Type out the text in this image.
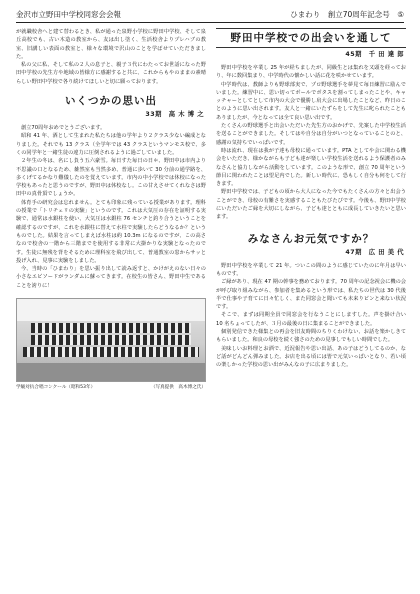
金沢市立野田中学校同窓会会報	ひまわり　創立70周年記念号　⑤

が就職校舎へと建て替わるとき、私が通った泉野小学校に野田中学校、そして泉丘高校でも、古い木造の教室から、友は出し塗く、生活校舎よりプレハブの教室、旧講しい表面の教室と、様々な環境で沢山のことを学ばせていただきました。

私の父に私、そして私の２人の息子と、親子３代にわたってお世話になった野田中学校の先生方や地域の皆様方に感謝すると共に、これからもやのままの素晴らしい野田中学校で各り続けてほしいと切に願っております。

いくつかの思い出
33期　高 木 博 之

創立70周年おめでとうございます。

昭和 41 年、酒として生まれた私たちは他の学年より２クラス少ない編成となりました。それでも 13 クラス（全学年では 43 クラスというマンモス校で、多くの同学年と一緒生徒の違力に圧倒されるように過ごしていました。

２年生の冬は、名にし負う五六豪雪。毎日すた毎日の日＊、野田中は市内より不思議の口となるため、雑然室も当然多め、普通に歩いて 30 分前の通学路を、多くげてるかなり難儀したのを覚えています。市内の中小学校では休校になった学校もあったと思うのですが、野田中は休校なし。この甘えさせてくれなさは野田中の真骨頂でしょうか。

体育手の研究会は忘れません。とても印象に残っている授業があります。理科の授業で「トリチェリの実験」というのです。これは大気圧の存在を証明する実験で、通常は水銀柱を使い、大気圧は水銀柱 76 センチと釣り合うということを確認するのですが、これを水銀柱に替えて水柱で実験したらどうなるか？というものでした。結果を言ってしまえば水柱は約 10.3m になるのですが、この高さなので校舎の一階から三階までを使用する非常に大掛かりな実験となったのです。生徒に無残を背をそるために理科室を飛び出して、普通教室の窓からサッと投げ入れ、見事に実験をしました。

今、当時の「ひまわり」を思い振り出して読み返すと、かけがえのない日々の小さなエピソードがランダムに蘇ってきます。在校生の皆さん、野田中生であることを誇りに！

学級対抗合唱コンクール（昭和53年）	（写真提供　高木博之氏）
野田中学校での出会いを通して
45期　千 田 達 郎

野田中学校を卒業し 25 年が経ちましたが、同級生とは集れを又頭を経っており、年に数回集まり、中学時代の懐かしい話に花を咲かせています。

中学時代は、教師よりも野球部実で、プロ野球選手を夢見て毎日練習に励んでいました。練習中に、思い切ってボールでボタスを割ってしまったことや、キャッチャーとしてとして市内の大会で優勝し肩大会に出場したことなど、昨日のことのように思い出されます。友人と一緒にいたずらをして先生に叱られたこともありましたが、今となっては全て良い思い出です。

たくさんの野球選手と出会いただいた先生方のおかげで、先案した中学校生活を送ることができました。そしてはや自分は自分がいつとなっていることのと、感謝の気持ちでいっぱいです。

時は流れ、現在は我が子達も母校に通っています。PTA としてや会に関わる機会をいただき、様かながらも子ども達が楽しい学校生活を送れるよう保護者のみなさんと協力しながら活動をしています。このような形で、創立 70 周年という節目に関われたことは望足内でした。新しい時代に、恐もしく自分も何をして行きます。

野田中学校では、子どもの頃から大人になった今でもたくさんの方々と出会うことができ、母校の有難さを実感することもたびたびです。今後も、野田中学校にいただいたご縁を大切にしながら、子ども達とともに成長していきたいと思います。

みなさんお元気ですか？
47期　広 田 美 代

野田中学校を卒業して 21 年。ついこの間のように感じていたのに年月は早いものです。

ご縁があり、現在 47 期の幹事を務めております。70 周年の記念祝会に機の会が呼び取り組みながら、参加者を集めるという形では、私たちの世代は 30 代後半で仕事や子育てに日々忙しく、また同窓会と聞いても未来りピンと来ない状況です。

そこで、まずは同期全員で同窓会を行なうことにしますした。声を掛け合い 10 名ちょってしたが、３月の最後の日に集まることができました。

個別発信できた様集との再会を旧友時間のちりくわけない、お話を楽かしきてもらいました。和良の母校を続く強さのための見事しでもしい時間でした。

美味しいお料理とお酒で、近況報告や思い出話、あの子はどうしてるのか、など話がどんどん弾みました。お店を出る頃には皆で元気いっぱいとなり、若い頃の楽しかった学校の思い出がみんなの子に広まりました。
